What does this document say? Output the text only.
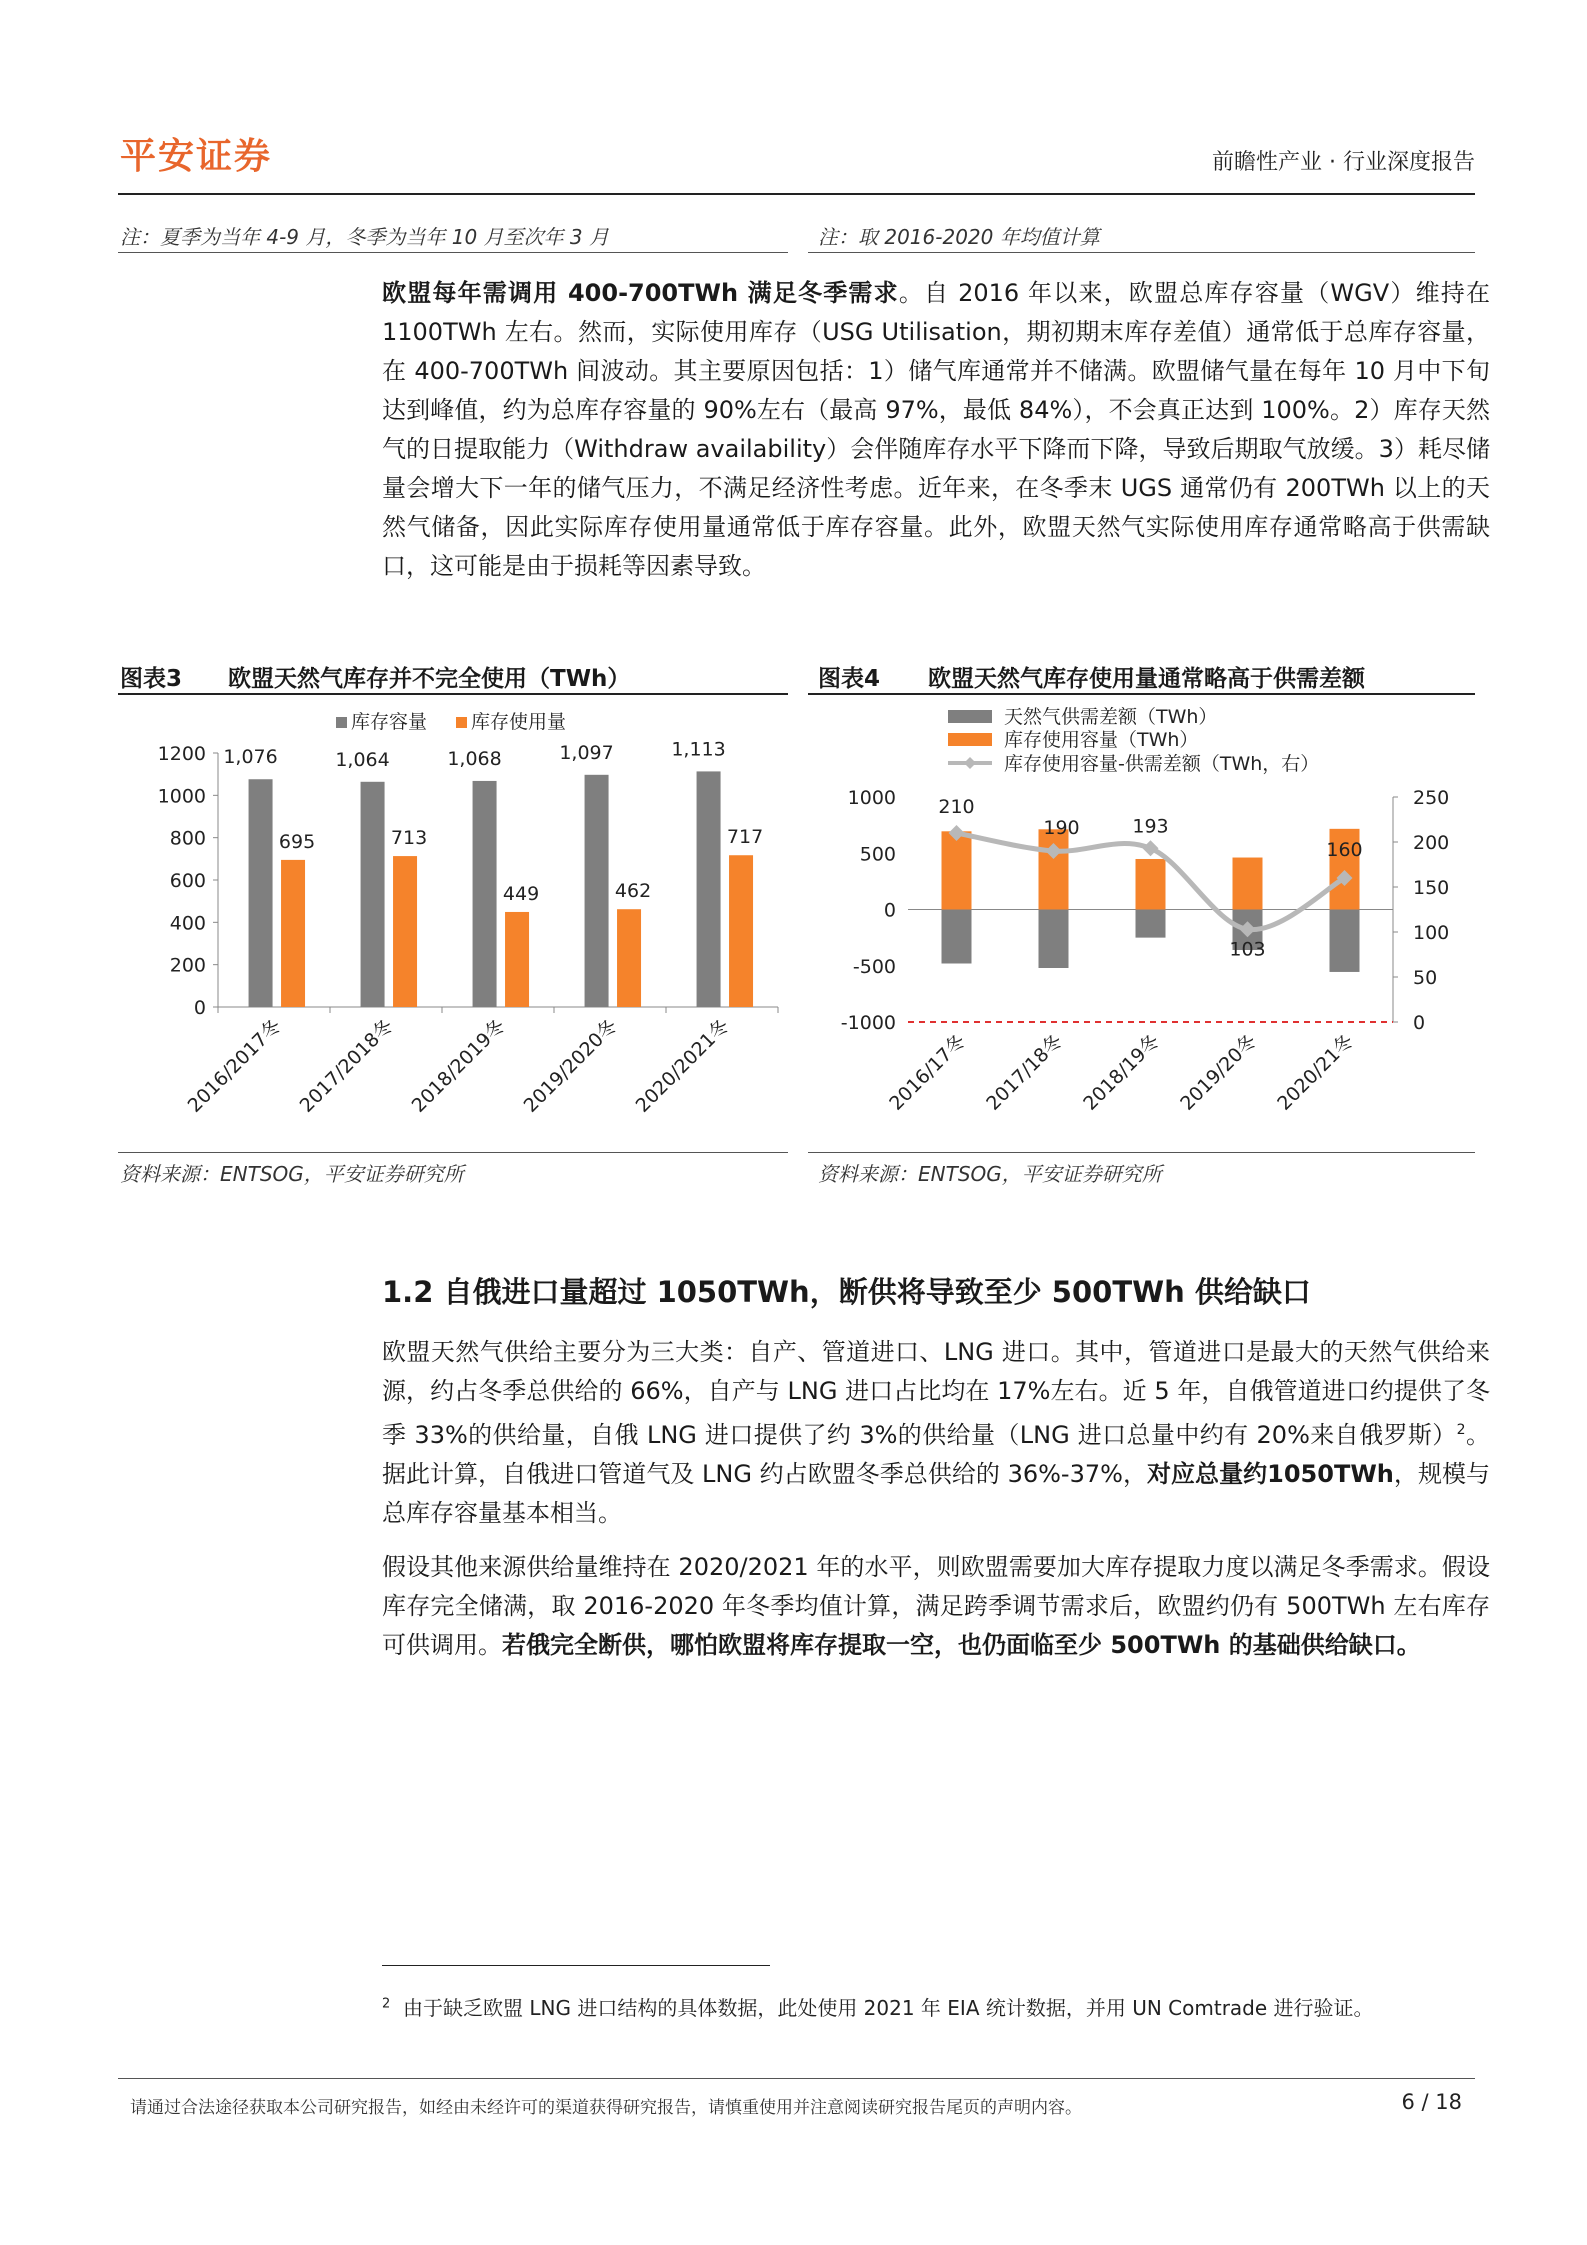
平安证券	前瞻性产业 · 行业深度报告
注：夏季为当年 4-9 月，冬季为当年 10 月至次年 3 月	注：取 2016-2020 年均值计算
欧盟每年需调用 400-700TWh 满足冬季需求。自 2016 年以来，欧盟总库存容量（WGV）维持在1100TWh 左右。然而，实际使用库存（USG Utilisation，期初期末库存差值）通常低于总库存容量，在 400-700TWh 间波动。其主要原因包括：1）储气库通常并不储满。欧盟储气量在每年 10 月中下旬达到峰值，约为总库存容量的 90%左右（最高 97%，最低 84%），不会真正达到 100%。2）库存天然气的日提取能力（Withdraw availability）会伴随库存水平下降而下降，导致后期取气放缓。3）耗尽储量会增大下一年的储气压力，不满足经济性考虑。近年来，在冬季末 UGS 通常仍有 200TWh 以上的天然气储备，因此实际库存使用量通常低于库存容量。此外，欧盟天然气实际使用库存通常略高于供需缺口，这可能是由于损耗等因素导致。
图表3 欧盟天然气库存并不完全使用（TWh）
0
200
400
600
800
1000
1200 1,076
695
2016/2017冬
1,064
713
2017/2018冬
1,068
449
2018/2019冬
1,097
462
2019/2020冬
1,113
717
2020/2021冬
库存容量 库存使用量
资料来源：ENTSOG，平安证券研究所
图表4 欧盟天然气库存使用量通常略高于供需差额
-1000
-500
0
500
1000
0
50
100
150
200
250
2016/17冬 2017/18冬 2018/19冬 2019/20冬 2020/21冬
210
190	193
103
160
天然气供需差额（TWh）
库存使用容量（TWh）
库存使用容量-供需差额（TWh，右）
资料来源：ENTSOG，平安证券研究所
1.2 自俄进口量超过 1050TWh，断供将导致至少 500TWh 供给缺口
欧盟天然气供给主要分为三大类：自产、管道进口、LNG 进口。其中，管道进口是最大的天然气供给来源，约占冬季总供给的 66%，自产与 LNG 进口占比均在 17%左右。近 5 年，自俄管道进口约提供了冬季 33%的供给量，自俄 LNG 进口提供了约 3%的供给量（LNG 进口总量中约有 20%来自俄罗斯）$^2$。据此计算，自俄进口管道气及 LNG 约占欧盟冬季总供给的 36%-37%，对应总量约1050TWh，规模与总库存容量基本相当。
假设其他来源供给量维持在 2020/2021 年的水平，则欧盟需要加大库存提取力度以满足冬季需求。假设库存完全储满，取 2016-2020 年冬季均值计算，满足跨季调节需求后，欧盟约仍有 500TWh 左右库存可供调用。若俄完全断供，哪怕欧盟将库存提取一空，也仍面临至少 500TWh 的基础供给缺口。
$^2$ 由于缺乏欧盟 LNG 进口结构的具体数据，此处使用 2021 年 EIA 统计数据，并用 UN Comtrade 进行验证。
请通过合法途径获取本公司研究报告，如经由未经许可的渠道获得研究报告，请慎重使用并注意阅读研究报告尾页的声明内容。	6 / 18
